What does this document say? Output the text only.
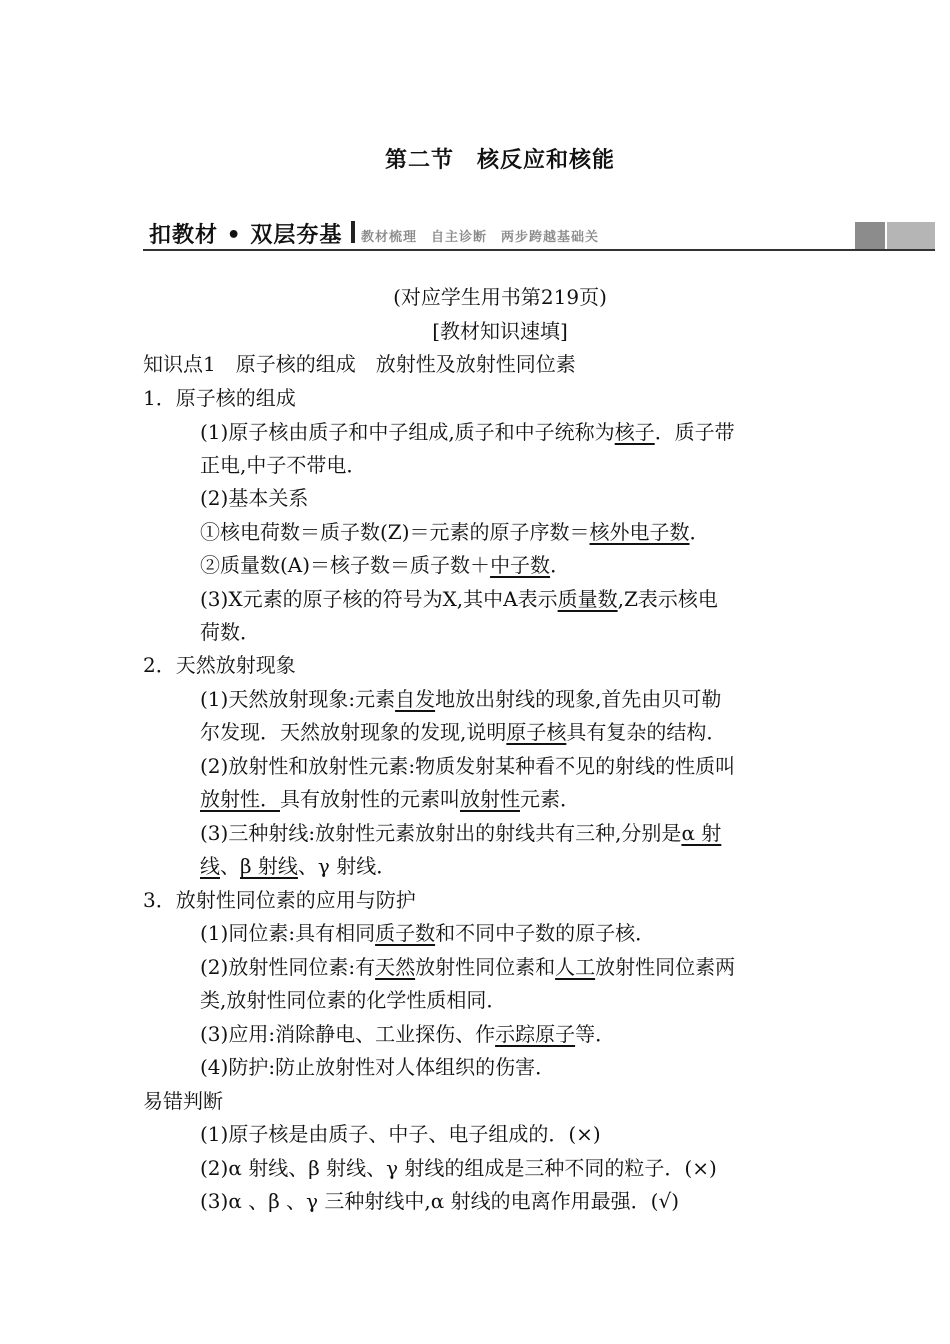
第二节　核反应和核能
扣教材 • 双层夯基 教材梳理　自主诊断　两步跨越基础关
(对应学生用书第219页)
[教材知识速填]
知识点1　原子核的组成　放射性及放射性同位素
1．原子核的组成
(1)原子核由质子和中子组成,质子和中子统称为核子．质子带
正电,中子不带电．
(2)基本关系
①核电荷数＝质子数(Z)＝元素的原子序数＝核外电子数．
②质量数(A)＝核子数＝质子数＋中子数．
(3)X元素的原子核的符号为X,其中A表示质量数,Z表示核电
荷数．
2．天然放射现象
(1)天然放射现象:元素自发地放出射线的现象,首先由贝可勒
尔发现．天然放射现象的发现,说明原子核具有复杂的结构．
(2)放射性和放射性元素:物质发射某种看不见的射线的性质叫
放射性．具有放射性的元素叫放射性元素．
(3)三种射线:放射性元素放射出的射线共有三种,分别是α 射
线、β 射线、γ 射线．
3．放射性同位素的应用与防护
(1)同位素:具有相同质子数和不同中子数的原子核．
(2)放射性同位素:有天然放射性同位素和人工放射性同位素两
类,放射性同位素的化学性质相同．
(3)应用:消除静电、工业探伤、作示踪原子等．
(4)防护:防止放射性对人体组织的伤害．
易错判断
(1)原子核是由质子、中子、电子组成的．(×)
(2)α 射线、β 射线、γ 射线的组成是三种不同的粒子．(×)
(3)α 、β 、γ 三种射线中,α 射线的电离作用最强．(√)
